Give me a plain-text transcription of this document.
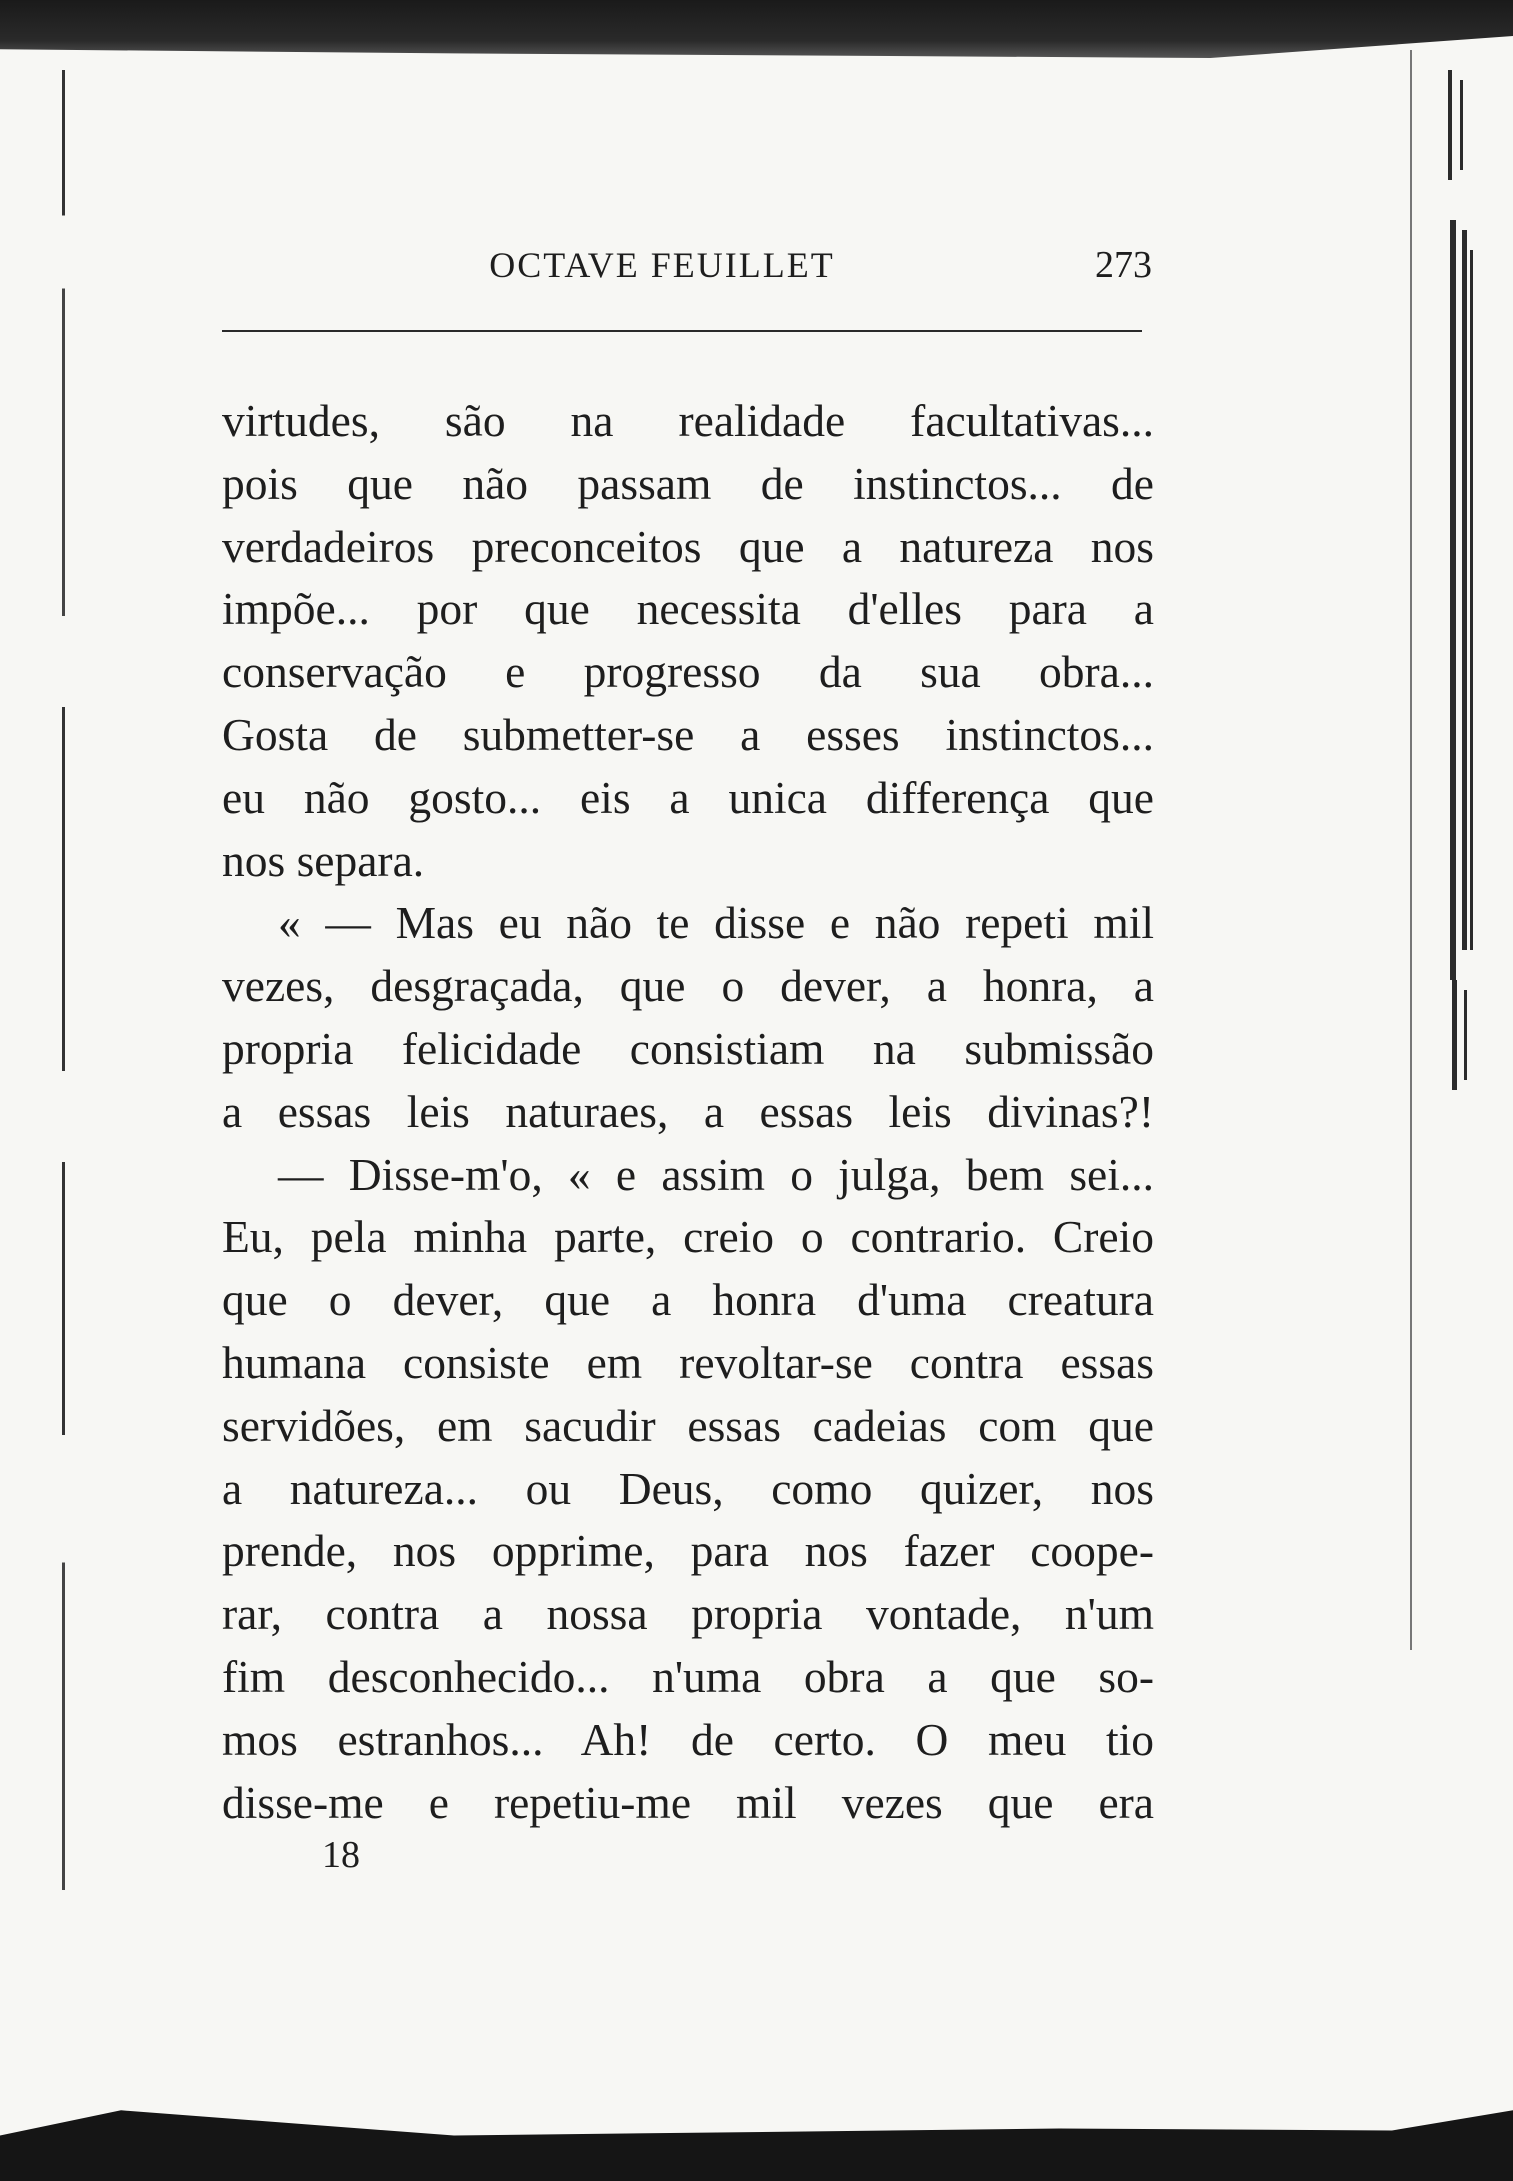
OCTAVE FEUILLET	273
virtudes, são na realidade facultativas...
pois que não passam de instinctos... de
verdadeiros preconceitos que a natureza nos
impõe... por que necessita d'elles para a
conservação e progresso da sua obra...
Gosta de submetter-se a esses instinctos...
eu não gosto... eis a unica differença que
nos separa.
« — Mas eu não te disse e não repeti mil
vezes, desgraçada, que o dever, a honra, a
propria felicidade consistiam na submissão
a essas leis naturaes, a essas leis divinas?!
— Disse-m'o, « e assim o julga, bem sei...
Eu, pela minha parte, creio o contrario. Creio
que o dever, que a honra d'uma creatura
humana consiste em revoltar-se contra essas
servidões, em sacudir essas cadeias com que
a natureza... ou Deus, como quizer, nos
prende, nos opprime, para nos fazer coope-
rar, contra a nossa propria vontade, n'um
fim desconhecido... n'uma obra a que so-
mos estranhos... Ah! de certo. O meu tio
disse-me e repetiu-me mil vezes que era
18
